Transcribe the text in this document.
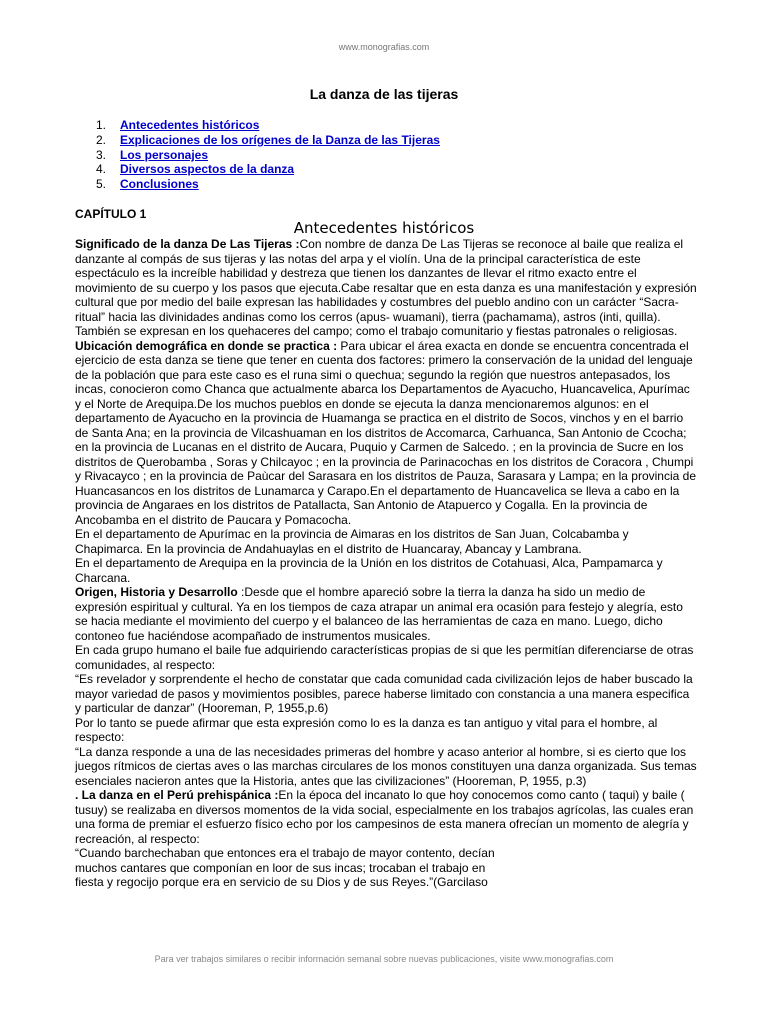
www.monografias.com
La danza de las tijeras
1.	Antecedentes históricos
2.	Explicaciones de los orígenes de la Danza de las Tijeras
3.	Los personajes
4.	Diversos aspectos de la danza
5.	Conclusiones
CAPÍTULO 1
Antecedentes históricos

Significado de la danza De Las Tijeras :Con nombre de danza De Las Tijeras se reconoce al baile que realiza el danzante al compás de sus tijeras y las notas del arpa y el violín. Una de la principal característica de este espectáculo es la increíble habilidad y destreza que tienen los danzantes de llevar el ritmo exacto entre el movimiento de su cuerpo y los pasos que ejecuta.Cabe resaltar que en esta danza es una manifestación y expresión cultural que por medio del baile expresan las habilidades y costumbres del pueblo andino con un carácter “Sacra-ritual” hacia las divinidades andinas como los cerros (apus- wuamani), tierra (pachamama), astros (inti, quilla). También se expresan en los quehaceres del campo; como el trabajo comunitario y fiestas patronales o religiosas.

Ubicación demográfica en donde se practica : Para ubicar el área exacta en donde se encuentra concentrada el ejercicio de esta danza se tiene que tener en cuenta dos factores: primero la conservación de la unidad del lenguaje de la población que para este caso es el runa simi o quechua; segundo la región que nuestros antepasados, los incas, conocieron como Chanca que actualmente abarca los Departamentos de Ayacucho, Huancavelica, Apurímac y el Norte de Arequipa.De los muchos pueblos en donde se ejecuta la danza mencionaremos algunos: en el departamento de Ayacucho en la provincia de Huamanga se practica en el distrito de Socos, vinchos y en el barrio de Santa Ana; en la provincia de Vilcashuaman en los distritos de Accomarca, Carhuanca, San Antonio de Ccocha; en la provincia de Lucanas en el distrito de Aucara, Puquio y Carmen de Salcedo. ; en la provincia de Sucre en los distritos de Querobamba , Soras y Chilcayoc ; en la provincia de Parinacochas en los distritos de Coracora , Chumpi y Rivacayco ; en la provincia de Paùcar del Sarasara en los distritos de Pauza, Sarasara y Lampa; en la provincia de Huancasancos en los distritos de Lunamarca y Carapo.En el departamento de Huancavelica se lleva a cabo en la provincia de Angaraes en los distritos de Patallacta, San Antonio de Atapuerco y Cogalla. En la provincia de Ancobamba en el distrito de Paucara y Pomacocha.

En el departamento de Apurímac en la provincia de Aimaras en los distritos de San Juan, Colcabamba y Chapimarca. En la provincia de Andahuaylas en el distrito de Huancaray, Abancay y Lambrana.

En el departamento de Arequipa en la provincia de la Unión en los distritos de Cotahuasi, Alca, Pampamarca y Charcana.

Origen, Historia y Desarrollo :Desde que el hombre apareció sobre la tierra la danza ha sido un medio de expresión espiritual y cultural. Ya en los tiempos de caza atrapar un animal era ocasión para festejo y alegría, esto se hacia mediante el movimiento del cuerpo y el balanceo de las herramientas de caza en mano. Luego, dicho contoneo fue haciéndose acompañado de instrumentos musicales.

En cada grupo humano el baile fue adquiriendo características propias de si que les permitían diferenciarse de otras comunidades, al respecto:

“Es revelador y sorprendente el hecho de constatar que cada comunidad cada civilización lejos de haber buscado la mayor variedad de pasos y movimientos posibles, parece haberse limitado con constancia a una manera especifica y particular de danzar” (Hooreman, P, 1955,p.6)

Por lo tanto se puede afirmar que esta expresión como lo es la danza es tan antiguo y vital para el hombre, al respecto:

“La danza responde a una de las necesidades primeras del hombre y acaso anterior al hombre, si es cierto que los juegos rítmicos de ciertas aves o las marchas circulares de los monos constituyen una danza organizada. Sus temas esenciales nacieron antes que la Historia, antes que las civilizaciones” (Hooreman, P, 1955, p.3)

. La danza en el Perú prehispánica :En la época del incanato lo que hoy conocemos como canto ( taqui) y baile ( tusuy) se realizaba en diversos momentos de la vida social, especialmente en los trabajos agrícolas, las cuales eran una forma de premiar el esfuerzo físico echo por los campesinos de esta manera ofrecían un momento de alegría y recreación, al respecto:

“Cuando barchechaban que entonces era el trabajo de mayor contento, decían

muchos cantares que componían en loor de sus incas; trocaban el trabajo en

fiesta y regocijo porque era en servicio de su Dios y de sus Reyes.”(Garcilaso

Para ver trabajos similares o recibir información semanal sobre nuevas publicaciones, visite www.monografias.com
